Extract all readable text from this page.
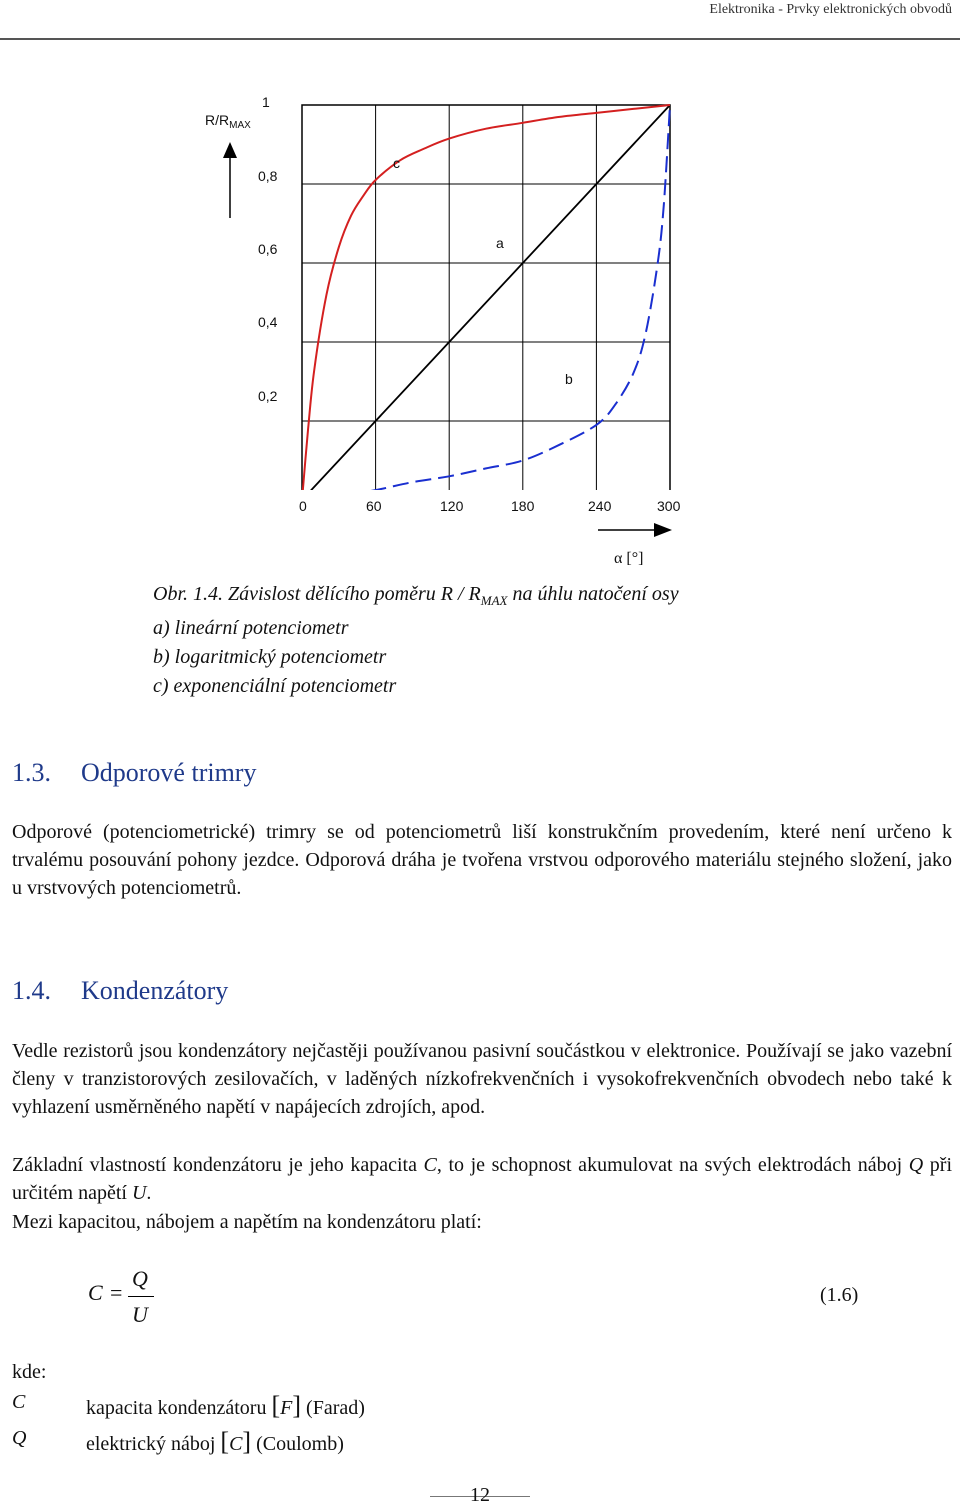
Elektronika - Prvky elektronických obvodů
$R/R_{MAX}$
1
0,8
0,6
0,4
0,2
0	60	120	180	240	300
α [°]
c
a
b
Obr. 1.4. Závislost dělícího poměru R / $R_{MAX}$ na úhlu natočení osy
a) lineární potenciometr
b) logaritmický potenciometr
c) exponenciální potenciometr
1.3. Odporové trimry
Odporové (potenciometrické) trimry se od potenciometrů liší konstrukčním provedením, které není určeno k trvalému posouvání pohony jezdce. Odporová dráha je tvořena vrstvou odporového materiálu stejného složení, jako u vrstvových potenciometrů.
1.4. Kondenzátory
Vedle rezistorů jsou kondenzátory nejčastěji používanou pasivní součástkou v elektronice. Používají se jako vazební členy v tranzistorových zesilovačích, v laděných nízkofrekvenčních i vysokofrekvenčních obvodech nebo také k vyhlazení usměrněného napětí v napájecích zdrojích, apod.
Základní vlastností kondenzátoru je jeho kapacita C, to je schopnost akumulovat na svých elektrodách náboj Q při určitém napětí U.
Mezi kapacitou, nábojem a napětím na kondenzátoru platí:
C =
Q
U
(1.6)
kde:
C	kapacita kondenzátoru [F] (Farad)
Q	elektrický náboj [C] (Coulomb)
12
